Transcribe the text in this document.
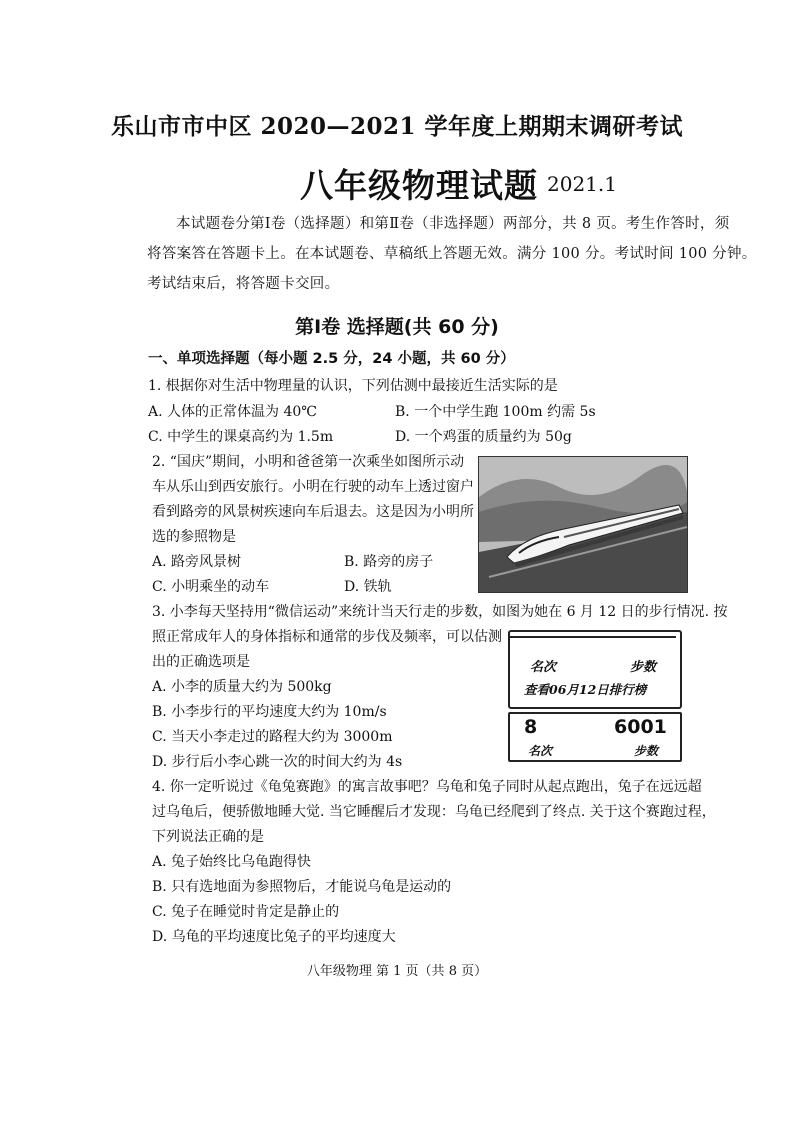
乐山市市中区 2020—2021 学年度上期期末调研考试
八年级物理试题 2021.1
本试题卷分第Ⅰ卷（选择题）和第Ⅱ卷（非选择题）两部分，共 8 页。考生作答时，须
将答案答在答题卡上。在本试题卷、草稿纸上答题无效。满分 100 分。考试时间 100 分钟。
考试结束后，将答题卡交回。
第Ⅰ卷 选择题(共 60 分)
一、单项选择题（每小题 2.5 分，24 小题，共 60 分）
1. 根据你对生活中物理量的认识，下列估测中最接近生活实际的是
A. 人体的正常体温为 40℃	B. 一个中学生跑 100m 约需 5s
C. 中学生的课桌高约为 1.5m	D. 一个鸡蛋的质量约为 50g
2. “国庆”期间，小明和爸爸第一次乘坐如图所示动
车从乐山到西安旅行。小明在行驶的动车上透过窗户
看到路旁的风景树疾速向车后退去。这是因为小明所
选的参照物是
A. 路旁风景树	B. 路旁的房子
C. 小明乘坐的动车	D. 铁轨
3. 小李每天坚持用“微信运动”来统计当天行走的步数，如图为她在 6 月 12 日的步行情况. 按
照正常成年人的身体指标和通常的步伐及频率，可以估测
出的正确选项是
A. 小李的质量大约为 500kg
B. 小李步行的平均速度大约为 10m/s
C. 当天小李走过的路程大约为 3000m
D. 步行后小李心跳一次的时间大约为 4s
名次	步数
查看06月12日排行榜
8	6001
名次	步数
4. 你一定听说过《龟兔赛跑》的寓言故事吧？乌龟和兔子同时从起点跑出，兔子在远远超
过乌龟后，便骄傲地睡大觉. 当它睡醒后才发现：乌龟已经爬到了终点. 关于这个赛跑过程，
下列说法正确的是
A. 兔子始终比乌龟跑得快
B. 只有选地面为参照物后，才能说乌龟是运动的
C. 兔子在睡觉时肯定是静止的
D. 乌龟的平均速度比兔子的平均速度大
八年级物理 第 1 页（共 8 页）
